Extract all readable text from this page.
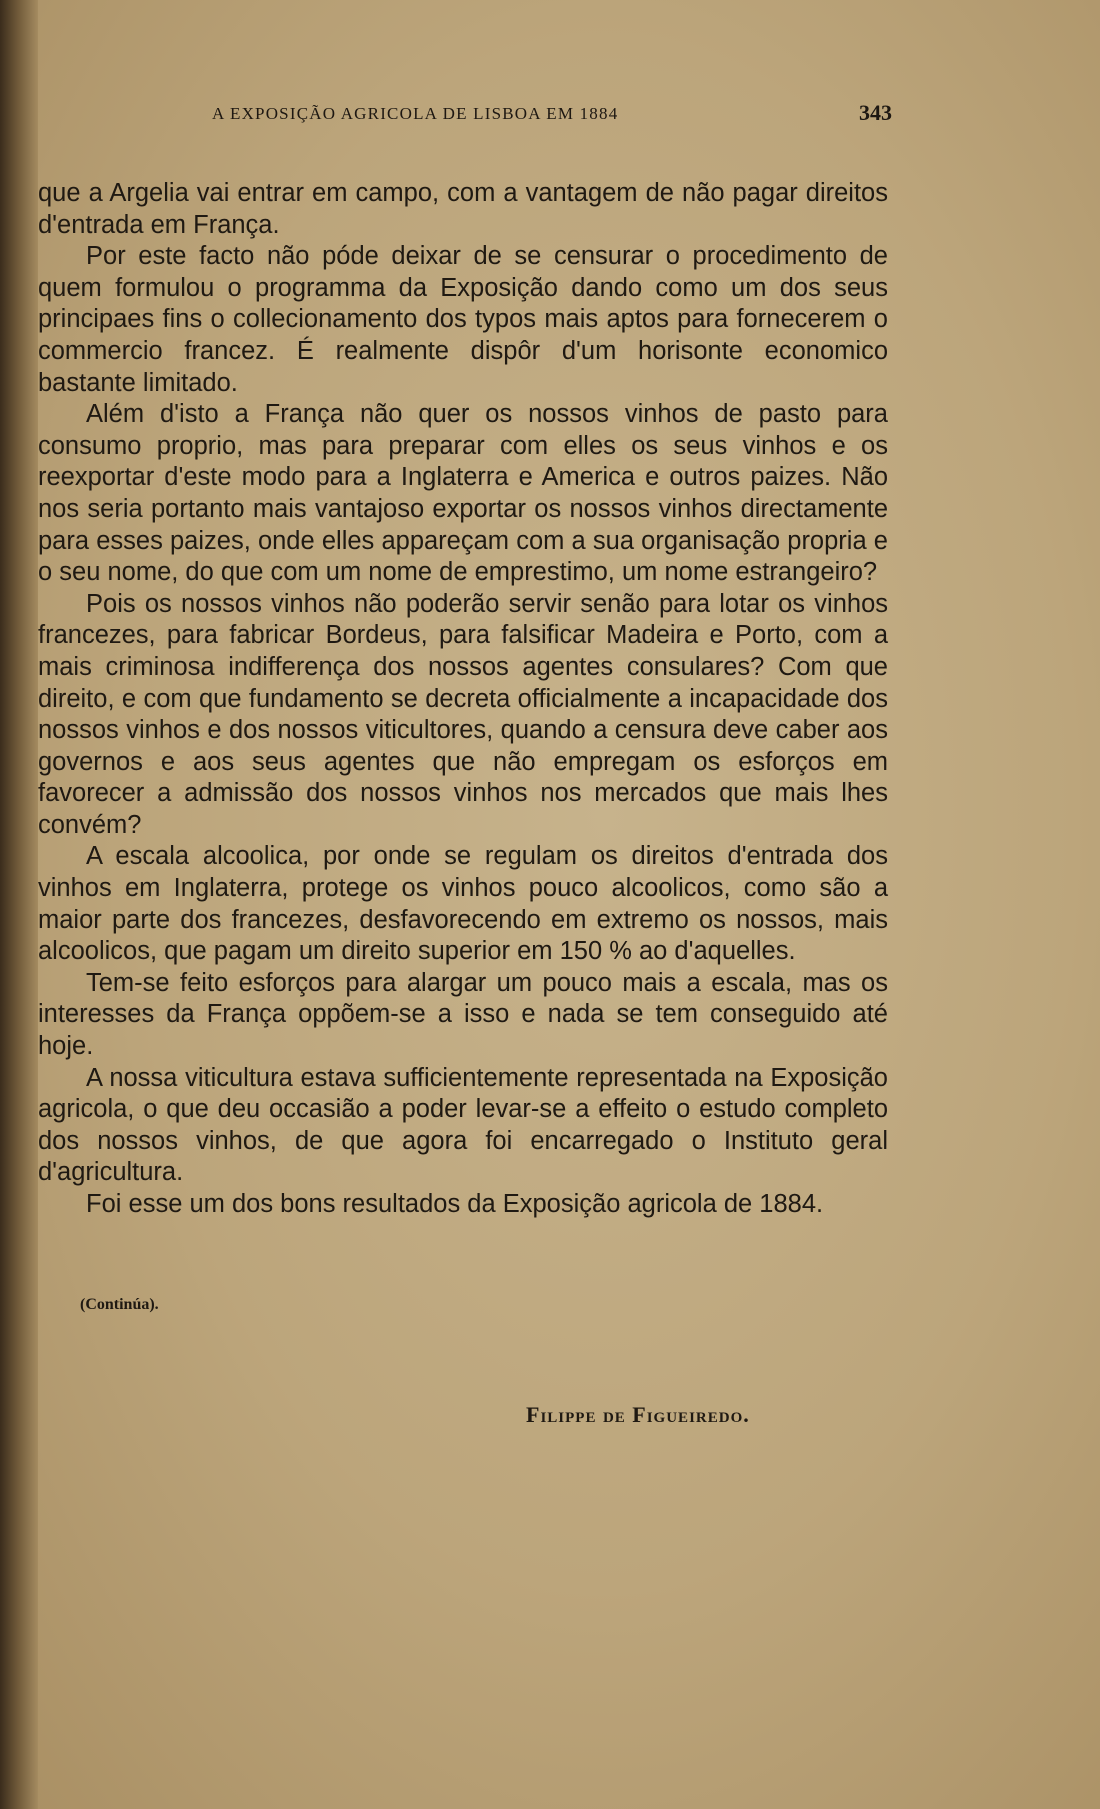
A EXPOSIÇÃO AGRICOLA DE LISBOA EM 1884	343

que a Argelia vai entrar em campo, com a vantagem de não pagar direitos d'entrada em França.

Por este facto não póde deixar de se censurar o procedimento de quem formulou o programma da Exposição dando como um dos seus principaes fins o collecionamento dos typos mais aptos para fornecerem o commercio francez. É realmente dispôr d'um horisonte economico bastante limitado.

Além d'isto a França não quer os nossos vinhos de pasto para consumo proprio, mas para preparar com elles os seus vinhos e os reexportar d'este modo para a Inglaterra e America e outros paizes. Não nos seria portanto mais vantajoso exportar os nossos vinhos directamente para esses paizes, onde elles appareçam com a sua organisação propria e o seu nome, do que com um nome de emprestimo, um nome estrangeiro?

Pois os nossos vinhos não poderão servir senão para lotar os vinhos francezes, para fabricar Bordeus, para falsificar Madeira e Porto, com a mais criminosa indifferença dos nossos agentes consulares? Com que direito, e com que fundamento se decreta officialmente a incapacidade dos nossos vinhos e dos nossos viticultores, quando a censura deve caber aos governos e aos seus agentes que não empregam os esforços em favorecer a admissão dos nossos vinhos nos mercados que mais lhes convém?

A escala alcoolica, por onde se regulam os direitos d'entrada dos vinhos em Inglaterra, protege os vinhos pouco alcoolicos, como são a maior parte dos francezes, desfavorecendo em extremo os nossos, mais alcoolicos, que pagam um direito superior em 150 % ao d'aquelles.

Tem-se feito esforços para alargar um pouco mais a escala, mas os interesses da França oppõem-se a isso e nada se tem conseguido até hoje.

A nossa viticultura estava sufficientemente representada na Exposição agricola, o que deu occasião a poder levar-se a effeito o estudo completo dos nossos vinhos, de que agora foi encarregado o Instituto geral d'agricultura.

Foi esse um dos bons resultados da Exposição agricola de 1884.

(Continúa).
Filippe de Figueiredo.
